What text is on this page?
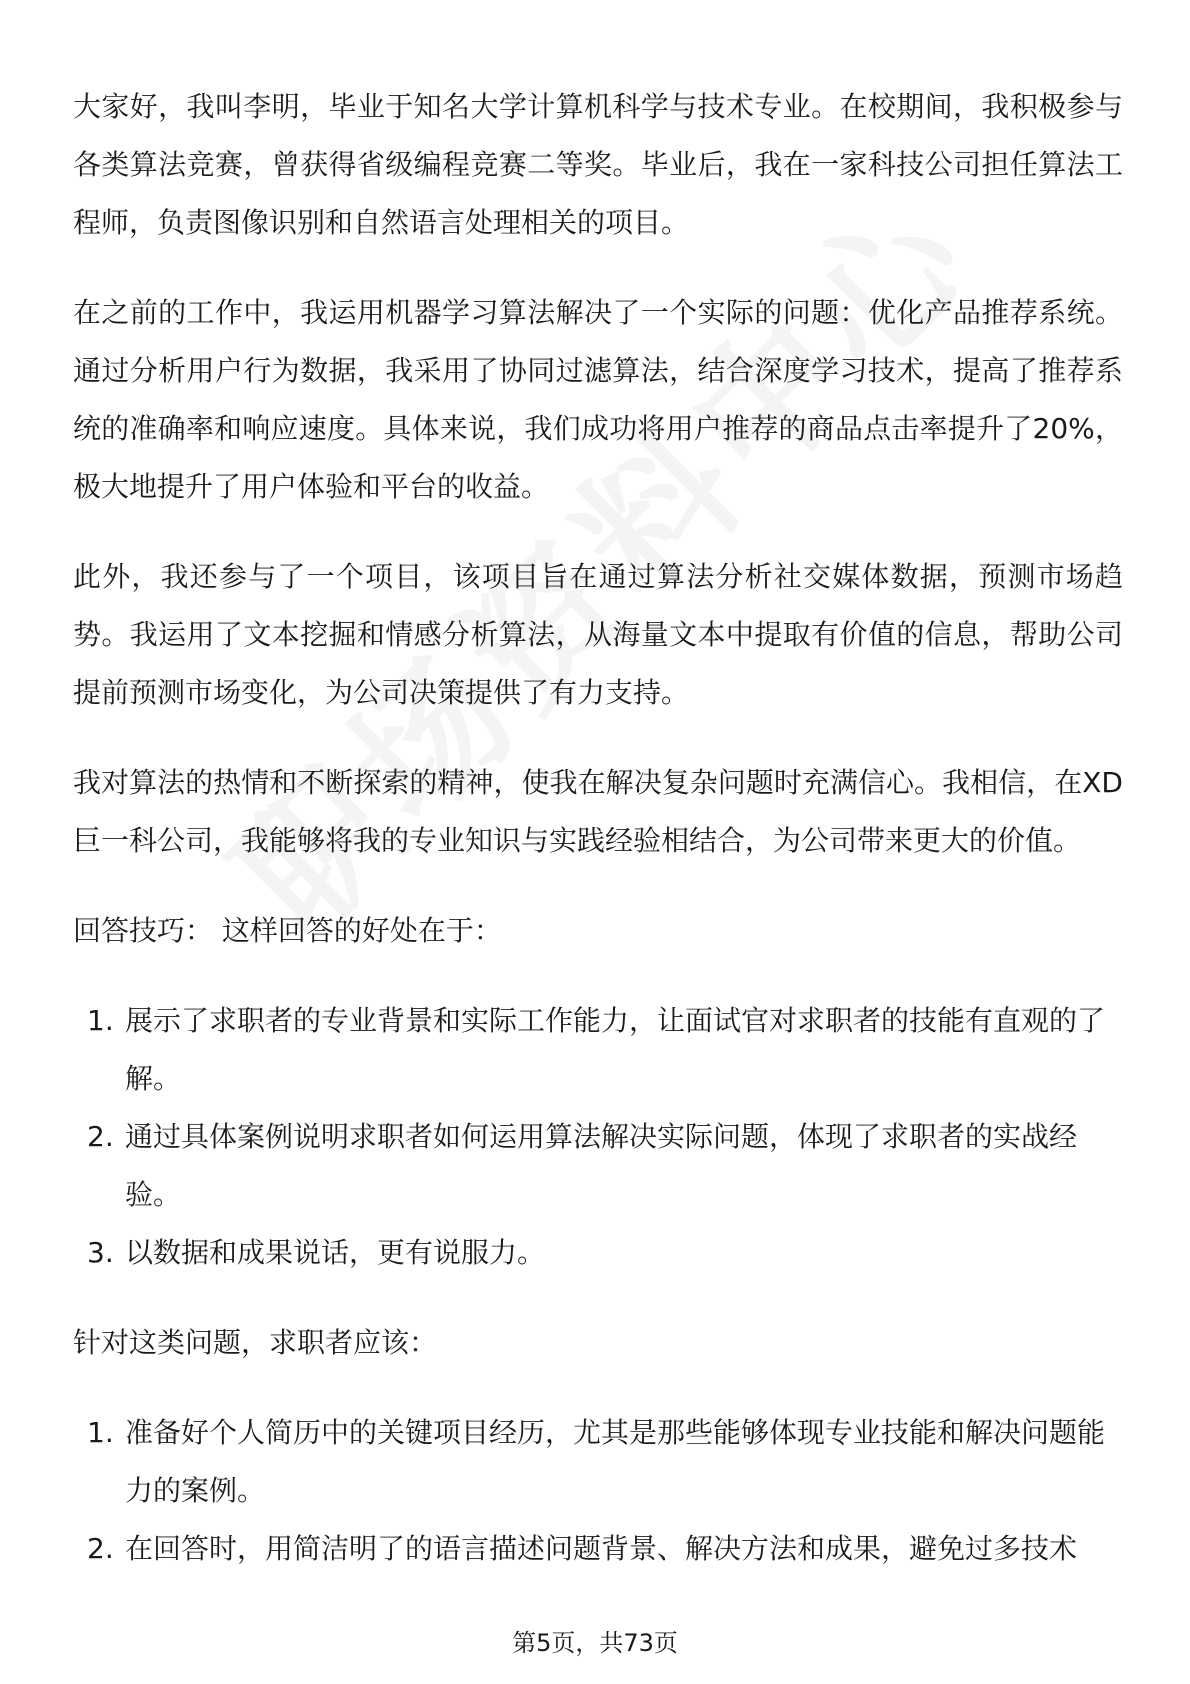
大家好，我叫李明，毕业于知名大学计算机科学与技术专业。在校期间，我积极参与各类算法竞赛，曾获得省级编程竞赛二等奖。毕业后，我在一家科技公司担任算法工程师，负责图像识别和自然语言处理相关的项目。

在之前的工作中，我运用机器学习算法解决了一个实际的问题：优化产品推荐系统。通过分析用户行为数据，我采用了协同过滤算法，结合深度学习技术，提高了推荐系统的准确率和响应速度。具体来说，我们成功将用户推荐的商品点击率提升了20%，极大地提升了用户体验和平台的收益。

此外，我还参与了一个项目，该项目旨在通过算法分析社交媒体数据，预测市场趋势。我运用了文本挖掘和情感分析算法，从海量文本中提取有价值的信息，帮助公司提前预测市场变化，为公司决策提供了有力支持。

我对算法的热情和不断探索的精神，使我在解决复杂问题时充满信心。我相信，在XD巨一科公司，我能够将我的专业知识与实践经验相结合，为公司带来更大的价值。

回答技巧： 这样回答的好处在于：

1. 展示了求职者的专业背景和实际工作能力，让面试官对求职者的技能有直观的了解。
2. 通过具体案例说明求职者如何运用算法解决实际问题，体现了求职者的实战经验。
3. 以数据和成果说话，更有说服力。

针对这类问题，求职者应该：

1. 准备好个人简历中的关键项目经历，尤其是那些能够体现专业技能和解决问题能力的案例。
2. 在回答时，用简洁明了的语言描述问题背景、解决方法和成果，避免过多技术
第5页，共73页
